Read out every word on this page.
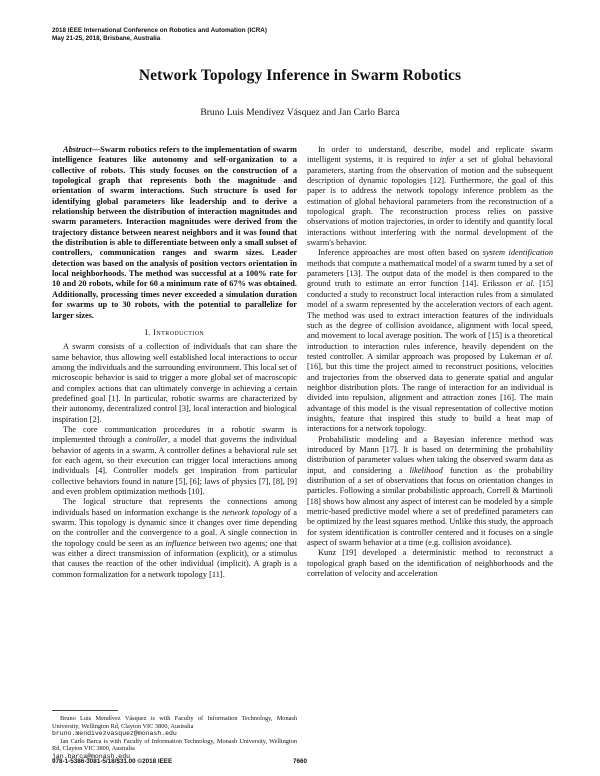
2018 IEEE International Conference on Robotics and Automation (ICRA)
May 21-25, 2018, Brisbane, Australia
Network Topology Inference in Swarm Robotics
Bruno Luis Mendívez Vásquez and Jan Carlo Barca

Abstract—Swarm robotics refers to the implementation of swarm intelligence features like autonomy and self-organization to a collective of robots. This study focuses on the construction of a topological graph that represents both the magnitude and orientation of swarm interactions. Such structure is used for identifying global parameters like leadership and to derive a relationship between the distribution of interaction magnitudes and swarm parameters. Interaction magnitudes were derived from the trajectory distance between nearest neighbors and it was found that the distribution is able to differentiate between only a small subset of controllers, communication ranges and swarm sizes. Leader detection was based on the analysis of position vectors orientation in local neighborhoods. The method was successful at a 100% rate for 10 and 20 robots, while for 60 a minimum rate of 67% was obtained. Additionally, processing times never exceeded a simulation duration for swarms up to 30 robots, with the potential to parallelize for larger sizes.

I. Introduction

A swarm consists of a collection of individuals that can share the same behavior, thus allowing well established local interactions to occur among the individuals and the surrounding environment. This local set of microscopic behavior is said to trigger a more global set of macroscopic and complex actions that can ultimately converge in achieving a certain predefined goal [1]. In particular, robotic swarms are characterized by their autonomy, decentralized control [3], local interaction and biological inspiration [2].

The core communication procedures in a robotic swarm is implemented through a controller, a model that governs the individual behavior of agents in a swarm. A controller defines a behavioral rule set for each agent, so their execution can trigger local interactions among individuals [4]. Controller models get inspiration from particular collective behaviors found in nature [5], [6]; laws of physics [7], [8], [9] and even problem optimization methods [10].

The logical structure that represents the connections among individuals based on information exchange is the network topology of a swarm. This topology is dynamic since it changes over time depending on the controller and the convergence to a goal. A single connection in the topology could be seen as an influence between two agents; one that was either a direct transmission of information (explicit), or a stimulus that causes the reaction of the other individual (implicit). A graph is a common formalization for a network topology [11].

Bruno Luis Mendívez Vásquez is with Faculty of Information Technology, Monash University, Wellington Rd, Clayton VIC 3800, Australia

bruno.mendivezvasquez@monash.edu

Jan Carlo Barca is with Faculty of Information Technology, Monash University, Wellington Rd, Clayton VIC 3800, Australia

jan.barca@monash.edu

In order to understand, describe, model and replicate swarm intelligent systems, it is required to infer a set of global behavioral parameters, starting from the observation of motion and the subsequent description of dynamic topologies [12]. Furthermore, the goal of this paper is to address the network topology inference problem as the estimation of global behavioral parameters from the reconstruction of a topological graph. The reconstruction process relies on passive observations of motion trajectories, in order to identify and quantify local interactions without interfering with the normal development of the swarm's behavior.

Inference approaches are most often based on system identification methods that compute a mathematical model of a swarm tuned by a set of parameters [13]. The output data of the model is then compared to the ground truth to estimate an error function [14]. Eriksson et al. [15] conducted a study to reconstruct local interaction rules from a simulated model of a swarm represented by the acceleration vectors of each agent. The method was used to extract interaction features of the individuals such as the degree of collision avoidance, alignment with local speed, and movement to local average position. The work of [15] is a theoretical introduction to interaction rules inference, heavily dependent on the tested controller. A similar approach was proposed by Lukeman et al. [16], but this time the project aimed to reconstruct positions, velocities and trajectories from the observed data to generate spatial and angular neighbor distribution plots. The range of interaction for an individual is divided into repulsion, alignment and attraction zones [16]. The main advantage of this model is the visual representation of collective motion insights, feature that inspired this study to build a heat map of interactions for a network topology.

Probabilistic modeling and a Bayesian inference method was introduced by Mann [17]. It is based on determining the probability distribution of parameter values when taking the observed swarm data as input, and considering a likelihood function as the probability distribution of a set of observations that focus on orientation changes in particles. Following a similar probabilistic approach, Correll & Martinoli [18] shows how almost any aspect of interest can be modeled by a simple metric-based predictive model where a set of predefined parameters can be optimized by the least squares method. Unlike this study, the approach for system identification is controller centered and it focuses on a single aspect of swarm behavior at a time (e.g. collision avoidance).

Kunz [19] developed a deterministic method to reconstruct a topological graph based on the identification of neighborhoods and the correlation of velocity and acceleration

978-1-5386-3081-5/18/$31.00 ©2018 IEEE	7660
